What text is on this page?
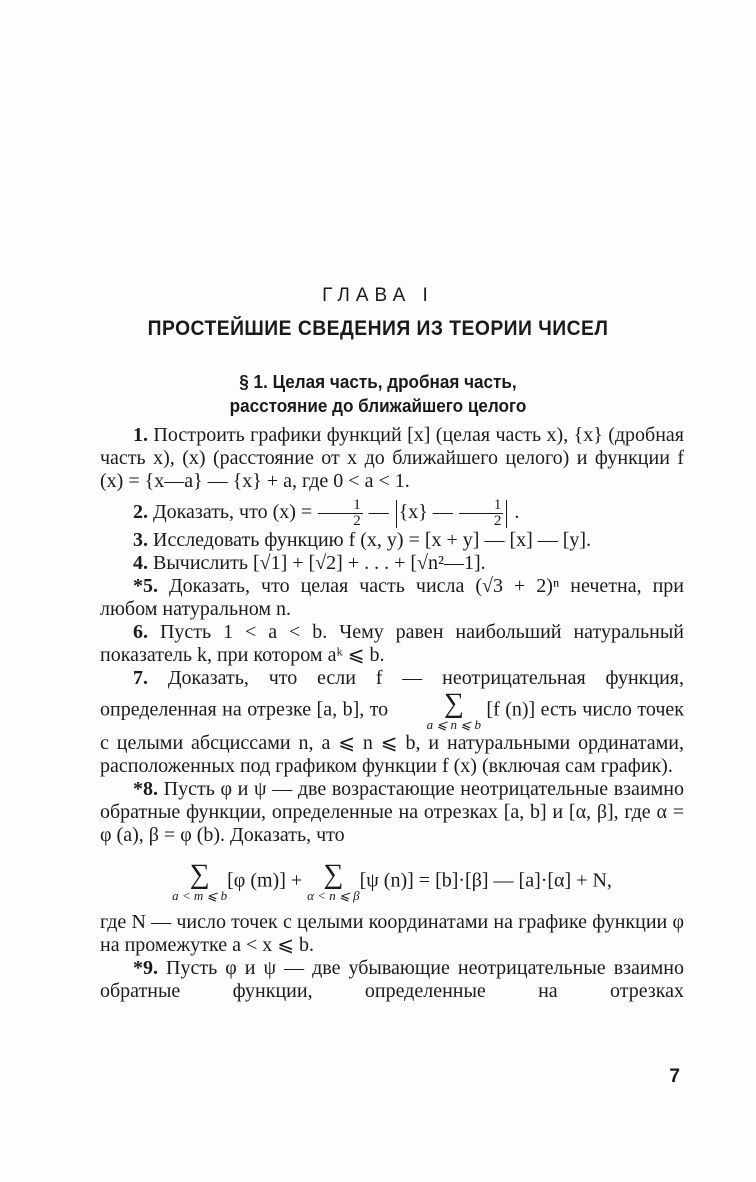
ГЛАВА I
ПРОСТЕЙШИЕ СВЕДЕНИЯ ИЗ ТЕОРИИ ЧИСЕЛ
§ 1. Целая часть, дробная часть,
расстояние до ближайшего целого

1. Построить графики функций [x] (целая часть x), {x} (дробная часть x), (x) (расстояние от x до ближайшего целого) и функции f (x) = {x—a} — {x} + a, где 0 < a < 1.

2. Доказать, что $(x) = \frac{1}{2}$ — {x} — $\frac{1}{2}$ .

3. Исследовать функцию f (x, y) = [x + y] — [x] — [y].

4. Вычислить [√1] + [√2] + . . . + [√n²—1].

*5. Доказать, что целая часть числа (√3 + 2)ⁿ нечетна, при любом натуральном n.

6. Пусть 1 < a < b. Чему равен наибольший натуральный показатель k, при котором aᵏ ⩽ b.

7. Доказать, что если f — неотрицательная функция, определенная на отрезке [a, b], то	∑
a ⩽ n ⩽ b
[f (n)] есть число точек с целыми абсциссами n, a ⩽ n ⩽ b, и натуральными ординатами, расположенных под графиком функции f (x) (включая сам график).

*8. Пусть φ и ψ — две возрастающие неотрицательные взаимно обратные функции, определенные на отрезках [a, b] и [α, β], где α = φ (a), β = φ (b). Доказать, что

∑
a < m ⩽ b
[φ (m)] + ∑
α < n ⩽ β
[ψ (n)] = [b]·[β] — [a]·[α] + N,

где N — число точек с целыми координатами на графике функции φ на промежутке a < x ⩽ b.

*9. Пусть φ и ψ — две убывающие неотрицательные взаимно обратные функции, определенные на отрезках

7
